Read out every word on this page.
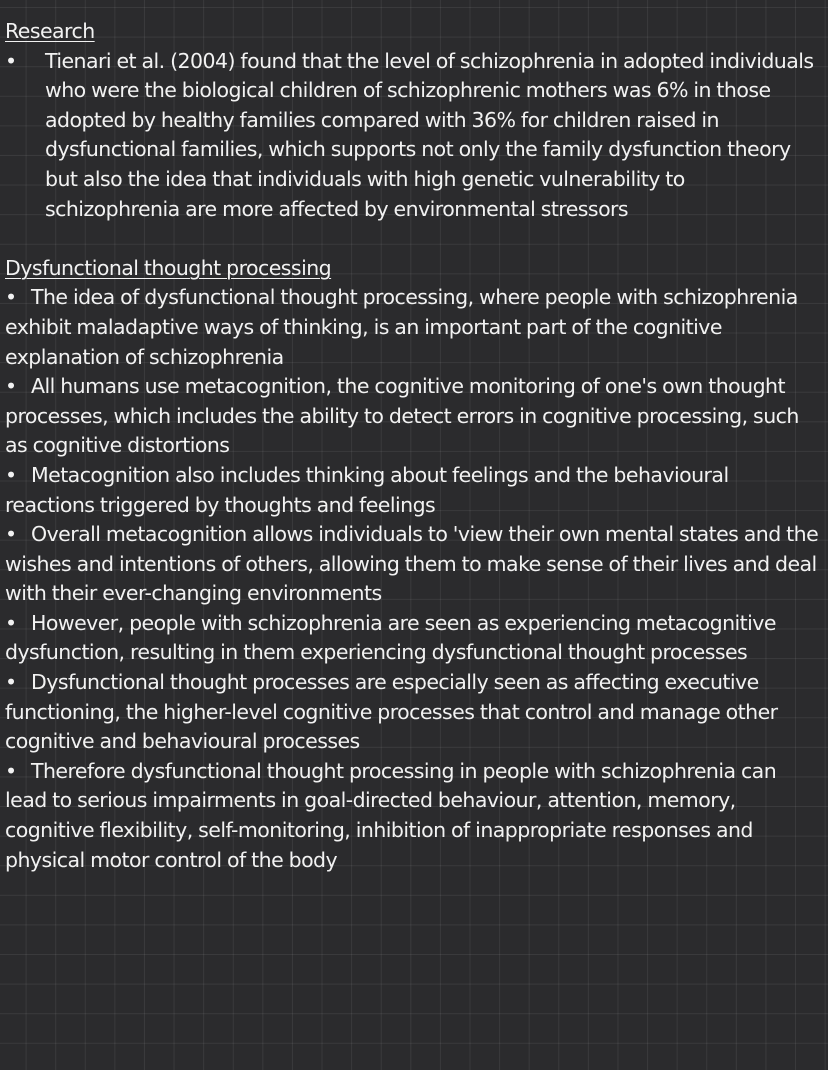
Research

• Tienari et al. (2004) found that the level of schizophrenia in adopted individuals who were the biological children of schizophrenic mothers was 6% in those adopted by healthy families compared with 36% for children raised in dysfunctional families, which supports not only the family dysfunction theory but also the idea that individuals with high genetic vulnerability to schizophrenia are more affected by environmental stressors

Dysfunctional thought processing

• The idea of dysfunctional thought processing, where people with schizophrenia exhibit maladaptive ways of thinking, is an important part of the cognitive explanation of schizophrenia

• All humans use metacognition, the cognitive monitoring of one's own thought processes, which includes the ability to detect errors in cognitive processing, such as cognitive distortions

• Metacognition also includes thinking about feelings and the behavioural reactions triggered by thoughts and feelings

• Overall metacognition allows individuals to 'view their own mental states and the wishes and intentions of others, allowing them to make sense of their lives and deal with their ever-changing environments

• However, people with schizophrenia are seen as experiencing metacognitive dysfunction, resulting in them experiencing dysfunctional thought processes

• Dysfunctional thought processes are especially seen as affecting executive functioning, the higher-level cognitive processes that control and manage other cognitive and behavioural processes

• Therefore dysfunctional thought processing in people with schizophrenia can lead to serious impairments in goal-directed behaviour, attention, memory, cognitive flexibility, self-monitoring, inhibition of inappropriate responses and physical motor control of the body
